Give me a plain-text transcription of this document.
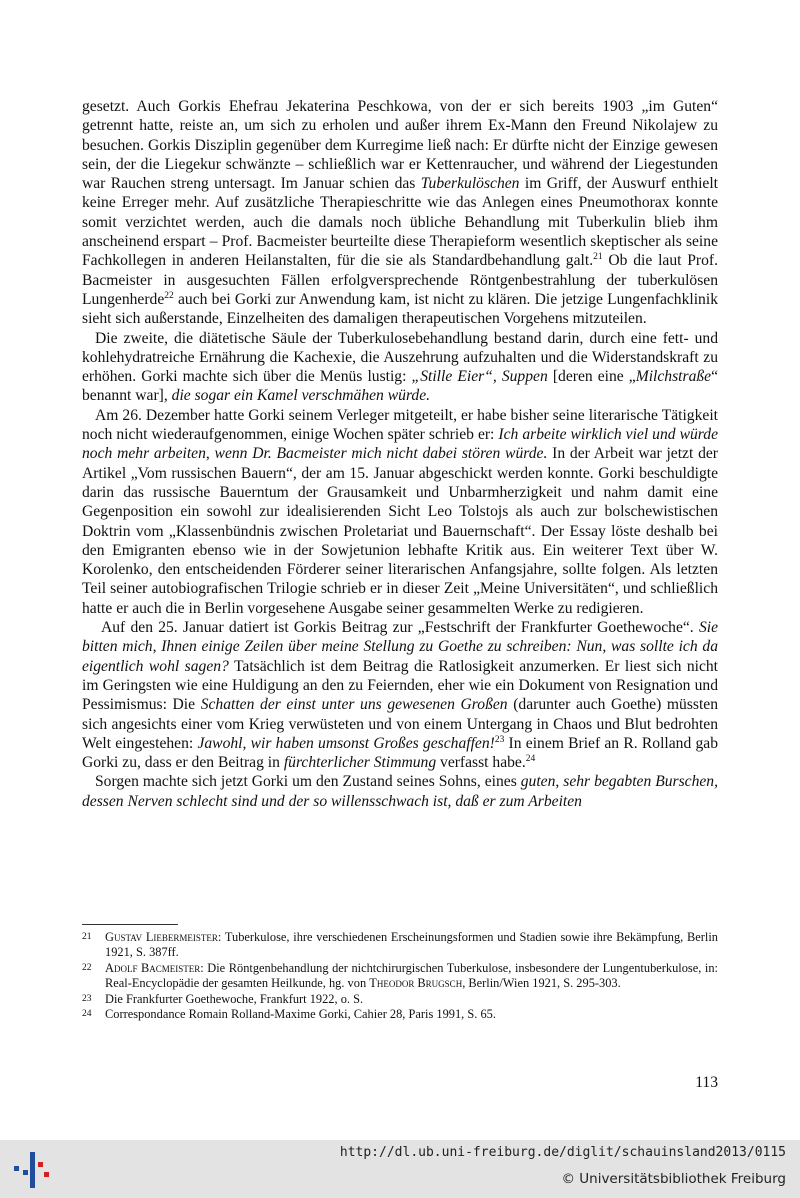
gesetzt. Auch Gorkis Ehefrau Jekaterina Peschkowa, von der er sich bereits 1903 „im Guten“ getrennt hatte, reiste an, um sich zu erholen und außer ihrem Ex-Mann den Freund Nikolajew zu besuchen. Gorkis Disziplin gegenüber dem Kurregime ließ nach: Er dürfte nicht der Einzige gewesen sein, der die Liegekur schwänzte – schließlich war er Kettenraucher, und während der Liegestunden war Rauchen streng untersagt. Im Januar schien das Tuberkulöschen im Griff, der Auswurf enthielt keine Erreger mehr. Auf zusätzliche Therapieschritte wie das Anlegen eines Pneumothorax konnte somit verzichtet werden, auch die damals noch übliche Behandlung mit Tuberkulin blieb ihm anscheinend erspart – Prof. Bacmeister beurteilte diese Therapieform wesentlich skeptischer als seine Fachkollegen in anderen Heilanstalten, für die sie als Standardbehandlung galt.$^{21}$ Ob die laut Prof. Bacmeister in ausgesuchten Fällen erfolgversprechende Röntgenbestrahlung der tuberkulösen Lungenherde$^{22}$ auch bei Gorki zur Anwendung kam, ist nicht zu klären. Die jetzige Lungenfachklinik sieht sich außerstande, Einzelheiten des damaligen therapeutischen Vorgehens mitzuteilen.

Die zweite, die diätetische Säule der Tuberkulosebehandlung bestand darin, durch eine fett- und kohlehydratreiche Ernährung die Kachexie, die Auszehrung aufzuhalten und die Widerstandskraft zu erhöhen. Gorki machte sich über die Menüs lustig: „Stille Eier“, Suppen [deren eine „Milchstraße“ benannt war], die sogar ein Kamel verschmähen würde.

Am 26. Dezember hatte Gorki seinem Verleger mitgeteilt, er habe bisher seine literarische Tätigkeit noch nicht wiederaufgenommen, einige Wochen später schrieb er: Ich arbeite wirklich viel und würde noch mehr arbeiten, wenn Dr. Bacmeister mich nicht dabei stören würde. In der Arbeit war jetzt der Artikel „Vom russischen Bauern“, der am 15. Januar abgeschickt werden konnte. Gorki beschuldigte darin das russische Bauerntum der Grausamkeit und Unbarmherzigkeit und nahm damit eine Gegenposition ein sowohl zur idealisierenden Sicht Leo Tolstojs als auch zur bolschewistischen Doktrin vom „Klassenbündnis zwischen Proletariat und Bauernschaft“. Der Essay löste deshalb bei den Emigranten ebenso wie in der Sowjetunion lebhafte Kritik aus. Ein weiterer Text über W. Korolenko, den entscheidenden Förderer seiner literarischen Anfangsjahre, sollte folgen. Als letzten Teil seiner autobiografischen Trilogie schrieb er in dieser Zeit „Meine Universitäten“, und schließlich hatte er auch die in Berlin vorgesehene Ausgabe seiner gesammelten Werke zu redigieren.

Auf den 25. Januar datiert ist Gorkis Beitrag zur „Festschrift der Frankfurter Goethewoche“. Sie bitten mich, Ihnen einige Zeilen über meine Stellung zu Goethe zu schreiben: Nun, was sollte ich da eigentlich wohl sagen? Tatsächlich ist dem Beitrag die Ratlosigkeit anzumerken. Er liest sich nicht im Geringsten wie eine Huldigung an den zu Feiernden, eher wie ein Dokument von Resignation und Pessimismus: Die Schatten der einst unter uns gewesenen Großen (darunter auch Goethe) müssten sich angesichts einer vom Krieg verwüsteten und von einem Untergang in Chaos und Blut bedrohten Welt eingestehen: Jawohl, wir haben umsonst Großes geschaffen!$^{23}$ In einem Brief an R. Rolland gab Gorki zu, dass er den Beitrag in fürchterlicher Stimmung verfasst habe.$^{24}$

Sorgen machte sich jetzt Gorki um den Zustand seines Sohns, eines guten, sehr begabten Burschen, dessen Nerven schlecht sind und der so willensschwach ist, daß er zum Arbeiten

21	Gustav Liebermeister: Tuberkulose, ihre verschiedenen Erscheinungsformen und Stadien sowie ihre Bekämpfung, Berlin 1921, S. 387ff.
22	Adolf Bacmeister: Die Röntgenbehandlung der nichtchirurgischen Tuberkulose, insbesondere der Lungentuberkulose, in: Real-Encyclopädie der gesamten Heilkunde, hg. von Theodor Brugsch, Berlin/Wien 1921, S. 295-303.
23	Die Frankfurter Goethewoche, Frankfurt 1922, o. S.
24	Correspondance Romain Rolland-Maxime Gorki, Cahier 28, Paris 1991, S. 65.
113
http://dl.ub.uni-freiburg.de/diglit/schauinsland2013/0115
© Universitätsbibliothek Freiburg
